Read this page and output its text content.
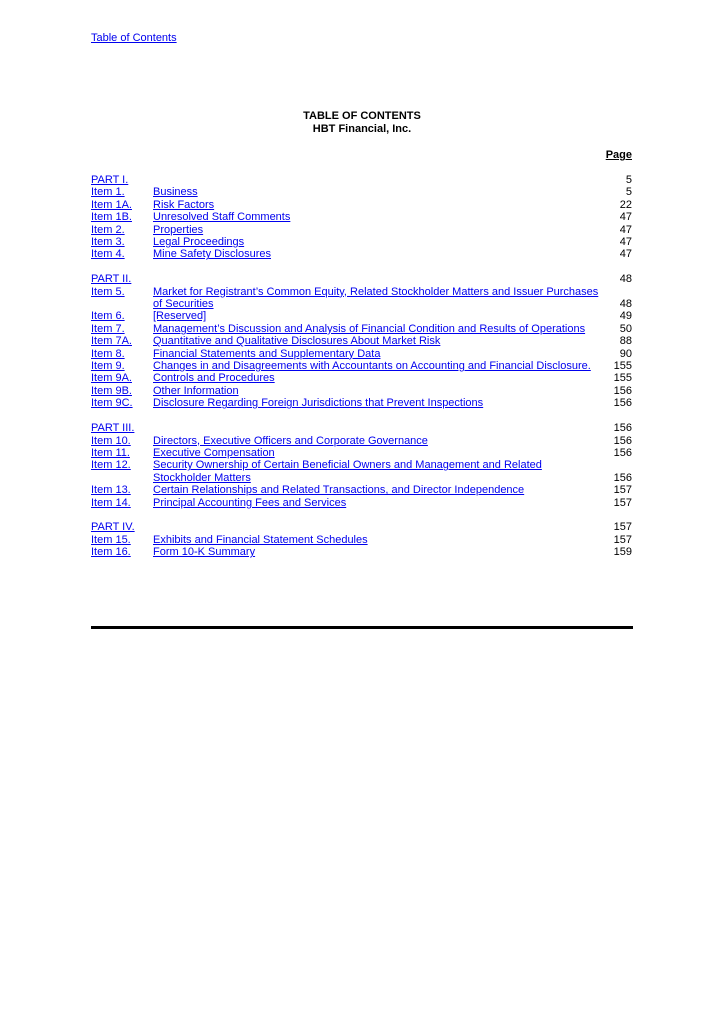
Table of Contents
TABLE OF CONTENTS
HBT Financial, Inc.
Page
PART I.	5
Item 1.	Business	5
Item 1A.	Risk Factors	22
Item 1B.	Unresolved Staff Comments	47
Item 2.	Properties	47
Item 3.	Legal Proceedings	47
Item 4.	Mine Safety Disclosures	47
PART II.	48
Item 5.	Market for Registrant’s Common Equity, Related Stockholder Matters and Issuer Purchases of Securities	48
Item 6.	[Reserved]	49
Item 7.	Management’s Discussion and Analysis of Financial Condition and Results of Operations	50
Item 7A.	Quantitative and Qualitative Disclosures About Market Risk	88
Item 8.	Financial Statements and Supplementary Data	90
Item 9.	Changes in and Disagreements with Accountants on Accounting and Financial Disclosure.	155
Item 9A.	Controls and Procedures	155
Item 9B.	Other Information	156
Item 9C.	Disclosure Regarding Foreign Jurisdictions that Prevent Inspections	156
PART III.	156
Item 10.	Directors, Executive Officers and Corporate Governance	156
Item 11.	Executive Compensation	156
Item 12.	Security Ownership of Certain Beneficial Owners and Management and Related Stockholder Matters	156
Item 13.	Certain Relationships and Related Transactions, and Director Independence	157
Item 14.	Principal Accounting Fees and Services	157
PART IV.	157
Item 15.	Exhibits and Financial Statement Schedules	157
Item 16.	Form 10-K Summary	159
